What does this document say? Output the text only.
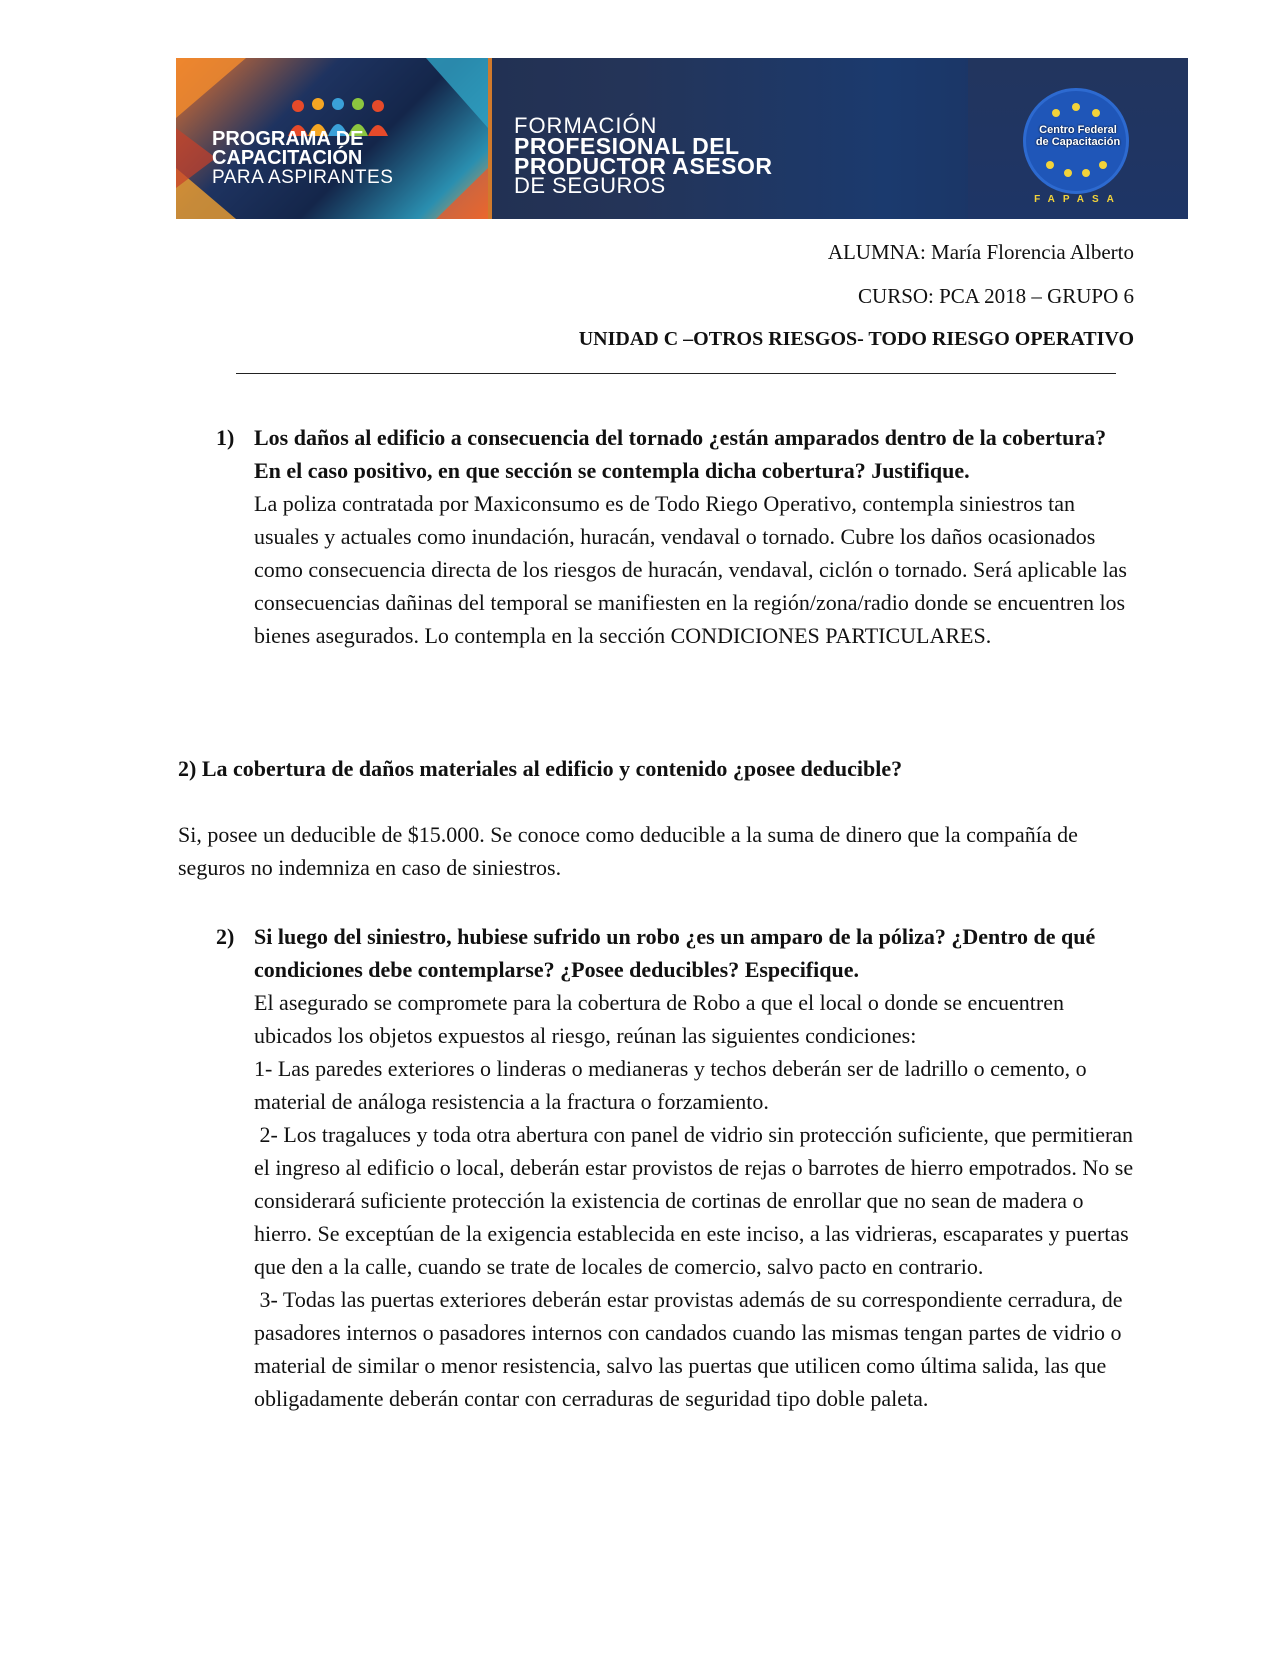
PROGRAMA DE
CAPACITACIÓN
PARA ASPIRANTES
FORMACIÓN
PROFESIONAL DEL
PRODUCTOR ASESOR
DE SEGUROS
Centro Federal
de Capacitación
FAPASA
ALUMNA: María Florencia Alberto
CURSO: PCA 2018 – GRUPO 6
UNIDAD C –OTROS RIESGOS- TODO RIESGO OPERATIVO
1) Los daños al edificio a consecuencia del tornado ¿están amparados dentro de la cobertura? En el caso positivo, en que sección se contempla dicha cobertura? Justifique.

La poliza contratada por Maxiconsumo es de Todo Riego Operativo, contempla siniestros tan usuales y actuales como inundación, huracán, vendaval o tornado. Cubre los daños ocasionados como consecuencia directa de los riesgos de huracán, vendaval, ciclón o tornado. Será aplicable las consecuencias dañinas del temporal se manifiesten en la región/zona/radio donde se encuentren los bienes asegurados. Lo contempla en la sección CONDICIONES PARTICULARES.

2) La cobertura de daños materiales al edificio y contenido ¿posee deducible?

Si, posee un deducible de $15.000. Se conoce como deducible a la suma de dinero que la compañía de seguros no indemniza en caso de siniestros.

2) Si luego del siniestro, hubiese sufrido un robo ¿es un amparo de la póliza? ¿Dentro de qué condiciones debe contemplarse? ¿Posee deducibles? Especifique.

El asegurado se compromete para la cobertura de Robo a que el local o donde se encuentren ubicados los objetos expuestos al riesgo, reúnan las siguientes condiciones:

1- Las paredes exteriores o linderas o medianeras y techos deberán ser de ladrillo o cemento, o material de análoga resistencia a la fractura o forzamiento.

2- Los tragaluces y toda otra abertura con panel de vidrio sin protección suficiente, que permitieran el ingreso al edificio o local, deberán estar provistos de rejas o barrotes de hierro empotrados. No se considerará suficiente protección la existencia de cortinas de enrollar que no sean de madera o hierro. Se exceptúan de la exigencia establecida en este inciso, a las vidrieras, escaparates y puertas que den a la calle, cuando se trate de locales de comercio, salvo pacto en contrario.

3- Todas las puertas exteriores deberán estar provistas además de su correspondiente cerradura, de pasadores internos o pasadores internos con candados cuando las mismas tengan partes de vidrio o material de similar o menor resistencia, salvo las puertas que utilicen como última salida, las que obligadamente deberán contar con cerraduras de seguridad tipo doble paleta.
